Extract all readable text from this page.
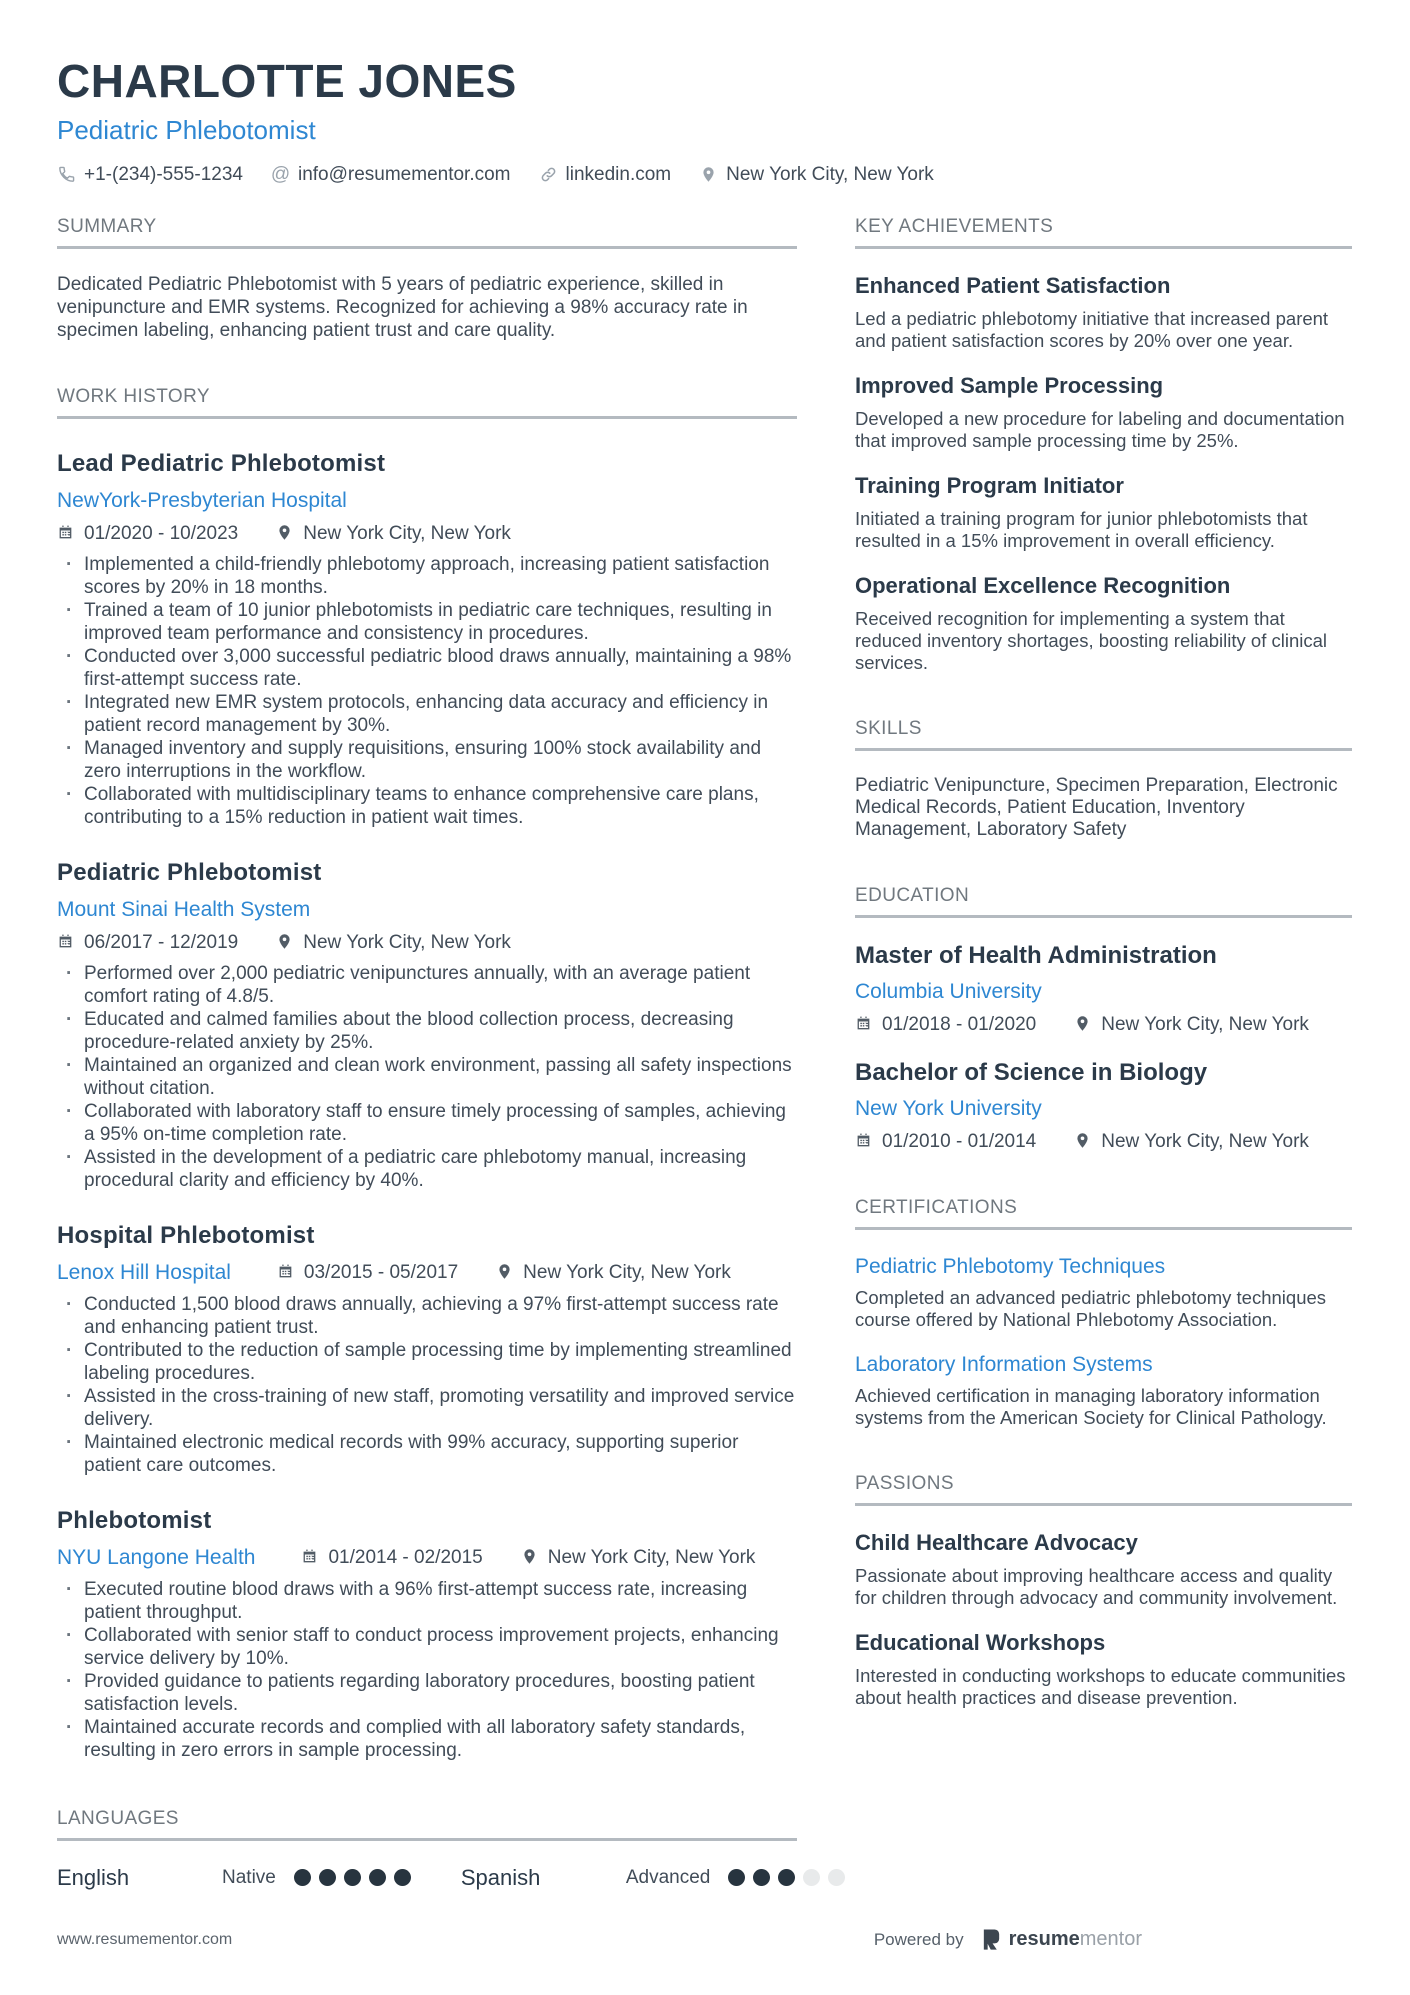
CHARLOTTE JONES
Pediatric Phlebotomist
+1-(234)-555-1234 @ info@resumementor.com	linkedin.com	New York City, New York
SUMMARY

Dedicated Pediatric Phlebotomist with 5 years of pediatric experience, skilled in venipuncture and EMR systems. Recognized for achieving a 98% accuracy rate in specimen labeling, enhancing patient trust and care quality.

WORK HISTORY
Lead Pediatric Phlebotomist
NewYork-Presbyterian Hospital
01/2020 - 10/2023	New York City, New York
· Implemented a child-friendly phlebotomy approach, increasing patient satisfaction scores by 20% in 18 months.
· Trained a team of 10 junior phlebotomists in pediatric care techniques, resulting in improved team performance and consistency in procedures.
· Conducted over 3,000 successful pediatric blood draws annually, maintaining a 98% first-attempt success rate.
· Integrated new EMR system protocols, enhancing data accuracy and efficiency in patient record management by 30%.
· Managed inventory and supply requisitions, ensuring 100% stock availability and zero interruptions in the workflow.
· Collaborated with multidisciplinary teams to enhance comprehensive care plans, contributing to a 15% reduction in patient wait times.
Pediatric Phlebotomist
Mount Sinai Health System
06/2017 - 12/2019	New York City, New York
· Performed over 2,000 pediatric venipunctures annually, with an average patient comfort rating of 4.8/5.
· Educated and calmed families about the blood collection process, decreasing procedure-related anxiety by 25%.
· Maintained an organized and clean work environment, passing all safety inspections without citation.
· Collaborated with laboratory staff to ensure timely processing of samples, achieving a 95% on-time completion rate.
· Assisted in the development of a pediatric care phlebotomy manual, increasing procedural clarity and efficiency by 40%.
Hospital Phlebotomist
Lenox Hill Hospital	03/2015 - 05/2017	New York City, New York
· Conducted 1,500 blood draws annually, achieving a 97% first-attempt success rate and enhancing patient trust.
· Contributed to the reduction of sample processing time by implementing streamlined labeling procedures.
· Assisted in the cross-training of new staff, promoting versatility and improved service delivery.
· Maintained electronic medical records with 99% accuracy, supporting superior patient care outcomes.
Phlebotomist
NYU Langone Health	01/2014 - 02/2015	New York City, New York
· Executed routine blood draws with a 96% first-attempt success rate, increasing patient throughput.
· Collaborated with senior staff to conduct process improvement projects, enhancing service delivery by 10%.
· Provided guidance to patients regarding laboratory procedures, boosting patient satisfaction levels.
· Maintained accurate records and complied with all laboratory safety standards, resulting in zero errors in sample processing.
LANGUAGES
English	Native	Spanish	Advanced
KEY ACHIEVEMENTS
Enhanced Patient Satisfaction
Led a pediatric phlebotomy initiative that increased parent and patient satisfaction scores by 20% over one year.
Improved Sample Processing
Developed a new procedure for labeling and documentation that improved sample processing time by 25%.
Training Program Initiator
Initiated a training program for junior phlebotomists that resulted in a 15% improvement in overall efficiency.
Operational Excellence Recognition
Received recognition for implementing a system that reduced inventory shortages, boosting reliability of clinical services.
SKILLS

Pediatric Venipuncture, Specimen Preparation, Electronic Medical Records, Patient Education, Inventory Management, Laboratory Safety

EDUCATION
Master of Health Administration
Columbia University
01/2018 - 01/2020	New York City, New York
Bachelor of Science in Biology
New York University
01/2010 - 01/2014	New York City, New York
CERTIFICATIONS
Pediatric Phlebotomy Techniques
Completed an advanced pediatric phlebotomy techniques course offered by National Phlebotomy Association.
Laboratory Information Systems
Achieved certification in managing laboratory information systems from the American Society for Clinical Pathology.
PASSIONS
Child Healthcare Advocacy
Passionate about improving healthcare access and quality for children through advocacy and community involvement.
Educational Workshops
Interested in conducting workshops to educate communities about health practices and disease prevention.
www.resumementor.com	Powered by resumementor
